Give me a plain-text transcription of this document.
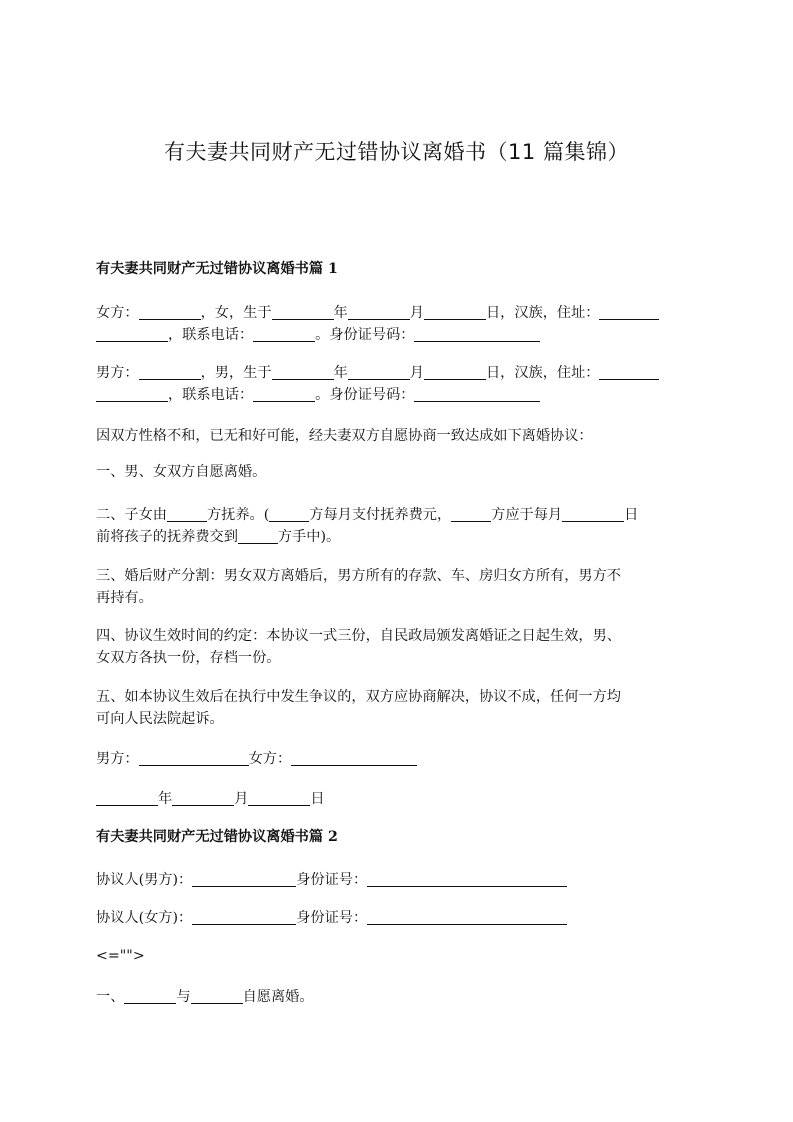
有夫妻共同财产无过错协议离婚书（11 篇集锦）
有夫妻共同财产无过错协议离婚书篇 1
女方：	，女，生于	年	月	日，汉族，住址：
，联系电话：	。身份证号码：
男方：	，男，生于	年	月	日，汉族，住址：
，联系电话：	。身份证号码：
因双方性格不和，已无和好可能，经夫妻双方自愿协商一致达成如下离婚协议：
一、男、女双方自愿离婚。
二、子女由	方抚养。(	方每月支付抚养费元，	方应于每月	日
前将孩子的抚养费交到	方手中)。
三、婚后财产分割：男女双方离婚后，男方所有的存款、车、房归女方所有，男方不
再持有。
四、协议生效时间的约定：本协议一式三份，自民政局颁发离婚证之日起生效，男、
女双方各执一份，存档一份。
五、如本协议生效后在执行中发生争议的，双方应协商解决，协议不成，任何一方均
可向人民法院起诉。
男方：	女方：
年	月	日
有夫妻共同财产无过错协议离婚书篇 2
协议人(男方)：	身份证号：
协议人(女方)：	身份证号：
<="">
一、	与	自愿离婚。
